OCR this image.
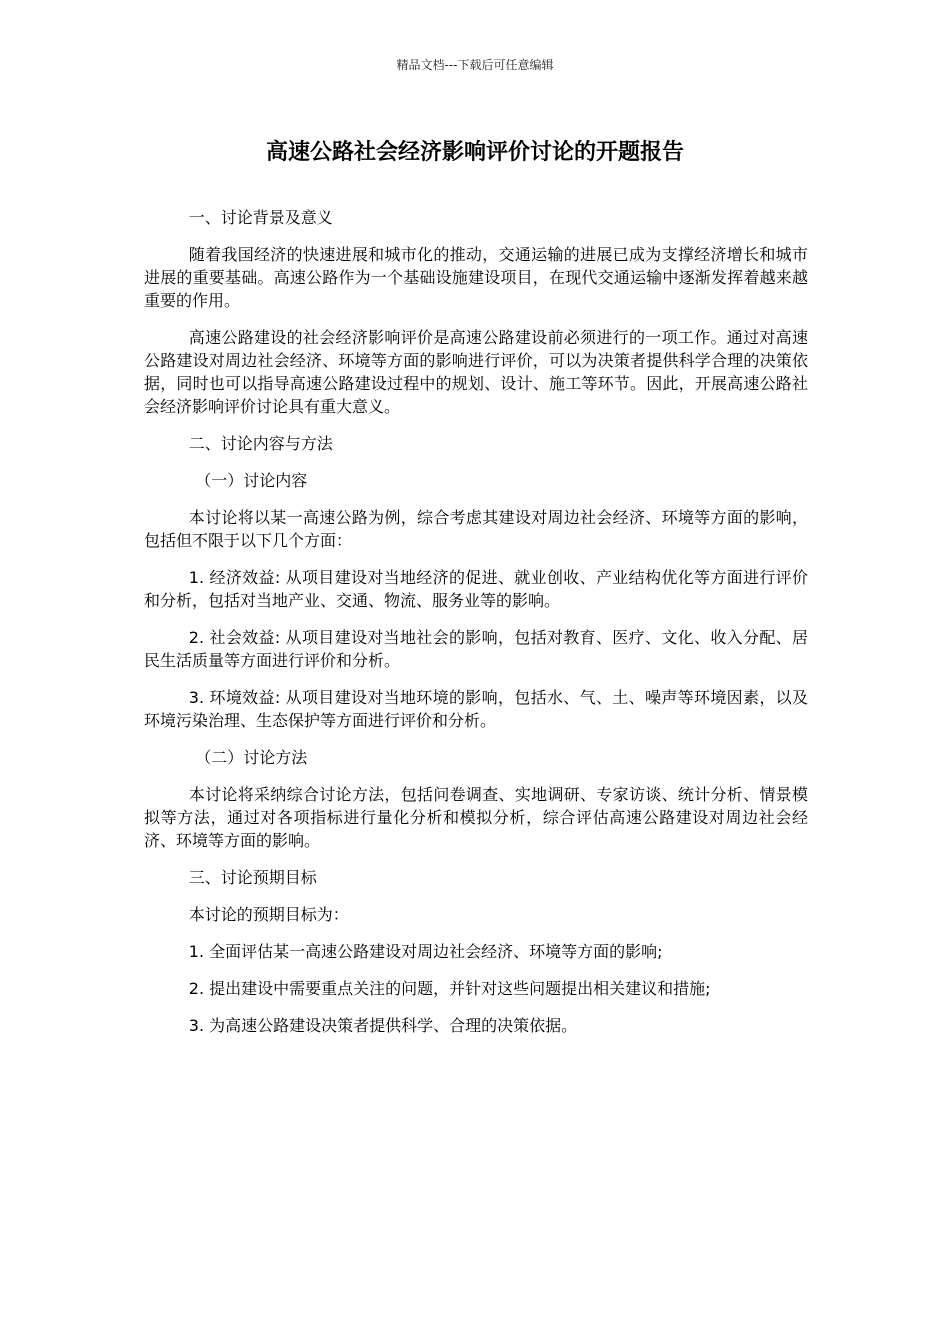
精品文档---下载后可任意编辑
高速公路社会经济影响评价讨论的开题报告

一、讨论背景及意义

随着我国经济的快速进展和城市化的推动，交通运输的进展已成为支撑经济增长和城市进展的重要基础。高速公路作为一个基础设施建设项目，在现代交通运输中逐渐发挥着越来越重要的作用。

高速公路建设的社会经济影响评价是高速公路建设前必须进行的一项工作。通过对高速公路建设对周边社会经济、环境等方面的影响进行评价，可以为决策者提供科学合理的决策依据，同时也可以指导高速公路建设过程中的规划、设计、施工等环节。因此，开展高速公路社会经济影响评价讨论具有重大意义。

二、讨论内容与方法

（一）讨论内容

本讨论将以某一高速公路为例，综合考虑其建设对周边社会经济、环境等方面的影响，包括但不限于以下几个方面：

1. 经济效益: 从项目建设对当地经济的促进、就业创收、产业结构优化等方面进行评价和分析，包括对当地产业、交通、物流、服务业等的影响。

2. 社会效益: 从项目建设对当地社会的影响，包括对教育、医疗、文化、收入分配、居民生活质量等方面进行评价和分析。

3. 环境效益: 从项目建设对当地环境的影响，包括水、气、土、噪声等环境因素，以及环境污染治理、生态保护等方面进行评价和分析。

（二）讨论方法

本讨论将采纳综合讨论方法，包括问卷调查、实地调研、专家访谈、统计分析、情景模拟等方法，通过对各项指标进行量化分析和模拟分析，综合评估高速公路建设对周边社会经济、环境等方面的影响。

三、讨论预期目标

本讨论的预期目标为：

1. 全面评估某一高速公路建设对周边社会经济、环境等方面的影响;

2. 提出建设中需要重点关注的问题，并针对这些问题提出相关建议和措施;

3. 为高速公路建设决策者提供科学、合理的决策依据。
